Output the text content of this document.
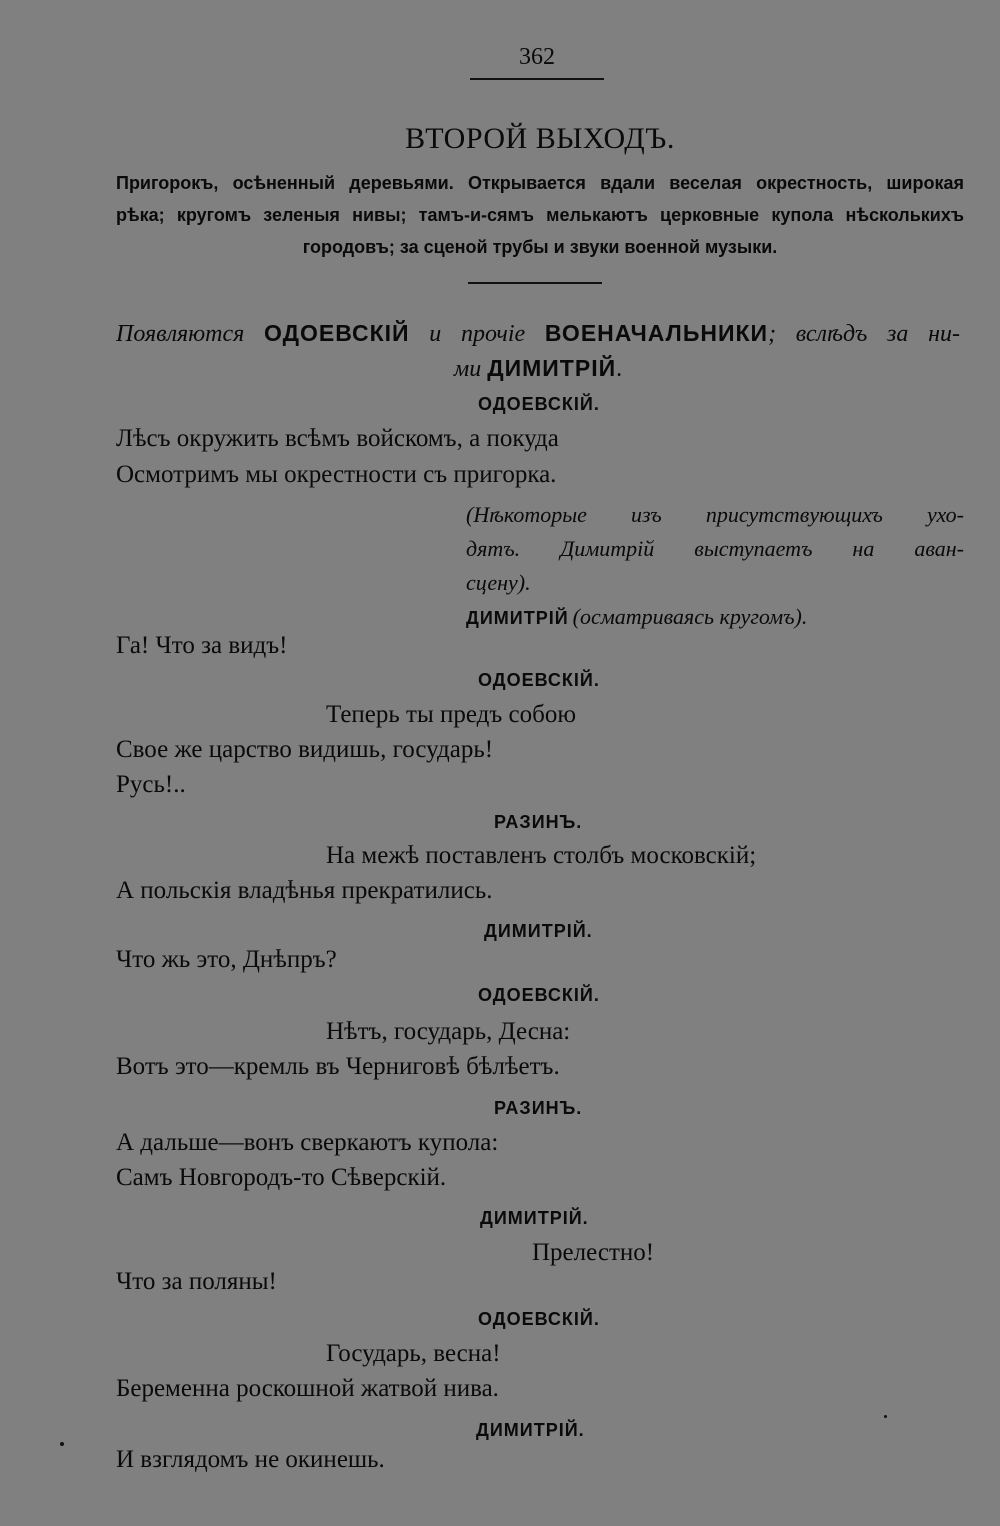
362
ВТОРОЙ ВЫХОДЪ.
Пригорокъ, осѣненный деревьями. Открывается вдали веселая окрестность, широкая
рѣка; кругомъ зеленыя нивы; тамъ-и-сямъ мелькаютъ церковные купола нѣсколькихъ
городовъ; за сценой трубы и звуки военной музыки.
Появляются ОДОЕВСКІЙ и прочіе ВОЕНАЧАЛЬНИКИ; вслѣдъ за ни-
ми ДИМИТРІЙ.
ОДОЕВСКІЙ.
Лѣсъ окружить всѣмъ войскомъ, а покуда
Осмотримъ мы окрестности съ пригорка.
(Нѣкоторые изъ присутствующихъ ухо-
дятъ. Димитрій выступаетъ на аван-
сцену).
ДИМИТРІЙ (осматриваясь кругомъ).
Га! Что за видъ!
ОДОЕВСКІЙ.
Теперь ты предъ собою
Свое же царство видишь, государь!
Русь!..
РАЗИНЪ.
На межѣ поставленъ столбъ московскій;
А польскія владѣнья прекратились.
ДИМИТРІЙ.
Что жь это, Днѣпръ?
ОДОЕВСКІЙ.
Нѣтъ, государь, Десна:
Вотъ это—кремль въ Черниговѣ бѣлѣетъ.
РАЗИНЪ.
А дальше—вонъ сверкаютъ купола:
Самъ Новгородъ-то Сѣверскій.
ДИМИТРІЙ.
Прелестно!
Что за поляны!
ОДОЕВСКІЙ.
Государь, весна!
Беременна роскошной жатвой нива.
ДИМИТРІЙ.
И взглядомъ не окинешь.
